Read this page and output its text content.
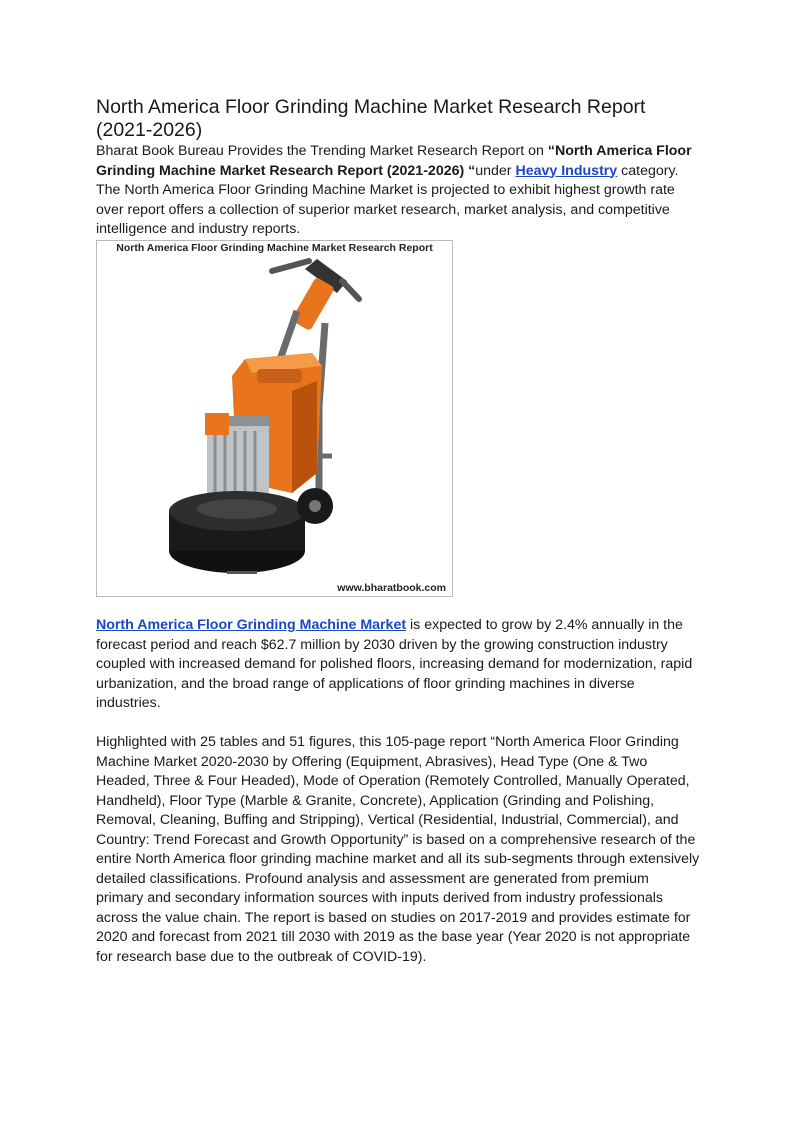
North America Floor Grinding Machine Market Research Report (2021-2026)

Bharat Book Bureau Provides the Trending Market Research Report on “North America Floor Grinding Machine Market Research Report (2021-2026) “under Heavy Industry category. The North America Floor Grinding Machine Market is projected to exhibit highest growth rate over report offers a collection of superior market research, market analysis, and competitive intelligence and industry reports.

North America Floor Grinding Machine Market Research Report
www.bharatbook.com

North America Floor Grinding Machine Market is expected to grow by 2.4% annually in the forecast period and reach $62.7 million by 2030 driven by the growing construction industry coupled with increased demand for polished floors, increasing demand for modernization, rapid urbanization, and the broad range of applications of floor grinding machines in diverse industries.

Highlighted with 25 tables and 51 figures, this 105-page report “North America Floor Grinding Machine Market 2020-2030 by Offering (Equipment, Abrasives), Head Type (One & Two Headed, Three & Four Headed), Mode of Operation (Remotely Controlled, Manually Operated, Handheld), Floor Type (Marble & Granite, Concrete), Application (Grinding and Polishing, Removal, Cleaning, Buffing and Stripping), Vertical (Residential, Industrial, Commercial), and Country: Trend Forecast and Growth Opportunity” is based on a comprehensive research of the entire North America floor grinding machine market and all its sub-segments through extensively detailed classifications. Profound analysis and assessment are generated from premium primary and secondary information sources with inputs derived from industry professionals across the value chain. The report is based on studies on 2017-2019 and provides estimate for 2020 and forecast from 2021 till 2030 with 2019 as the base year (Year 2020 is not appropriate for research base due to the outbreak of COVID-19).
